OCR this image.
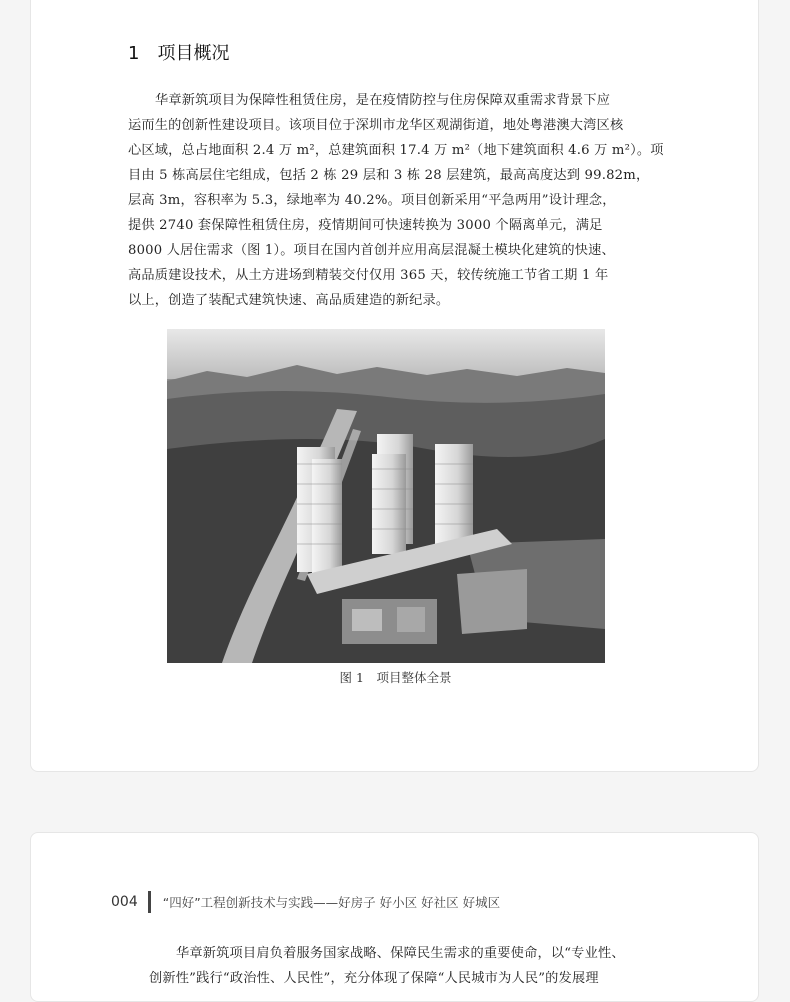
1 项目概况
华章新筑项目为保障性租赁住房，是在疫情防控与住房保障双重需求背景下应
运而生的创新性建设项目。该项目位于深圳市龙华区观湖街道，地处粤港澳大湾区核
心区域，总占地面积 2.4 万 m²，总建筑面积 17.4 万 m²（地下建筑面积 4.6 万 m²）。项
目由 5 栋高层住宅组成，包括 2 栋 29 层和 3 栋 28 层建筑，最高高度达到 99.82m，
层高 3m，容积率为 5.3，绿地率为 40.2%。项目创新采用“平急两用”设计理念，
提供 2740 套保障性租赁住房，疫情期间可快速转换为 3000 个隔离单元，满足
8000 人居住需求（图 1）。项目在国内首创并应用高层混凝土模块化建筑的快速、
高品质建设技术，从土方进场到精装交付仅用 365 天，较传统施工节省工期 1 年
以上，创造了装配式建筑快速、高品质建造的新纪录。
图 1　项目整体全景
004 “四好”工程创新技术与实践——好房子 好小区 好社区 好城区
华章新筑项目肩负着服务国家战略、保障民生需求的重要使命，以“专业性、
创新性”践行“政治性、人民性”，充分体现了保障“人民城市为人民”的发展理
